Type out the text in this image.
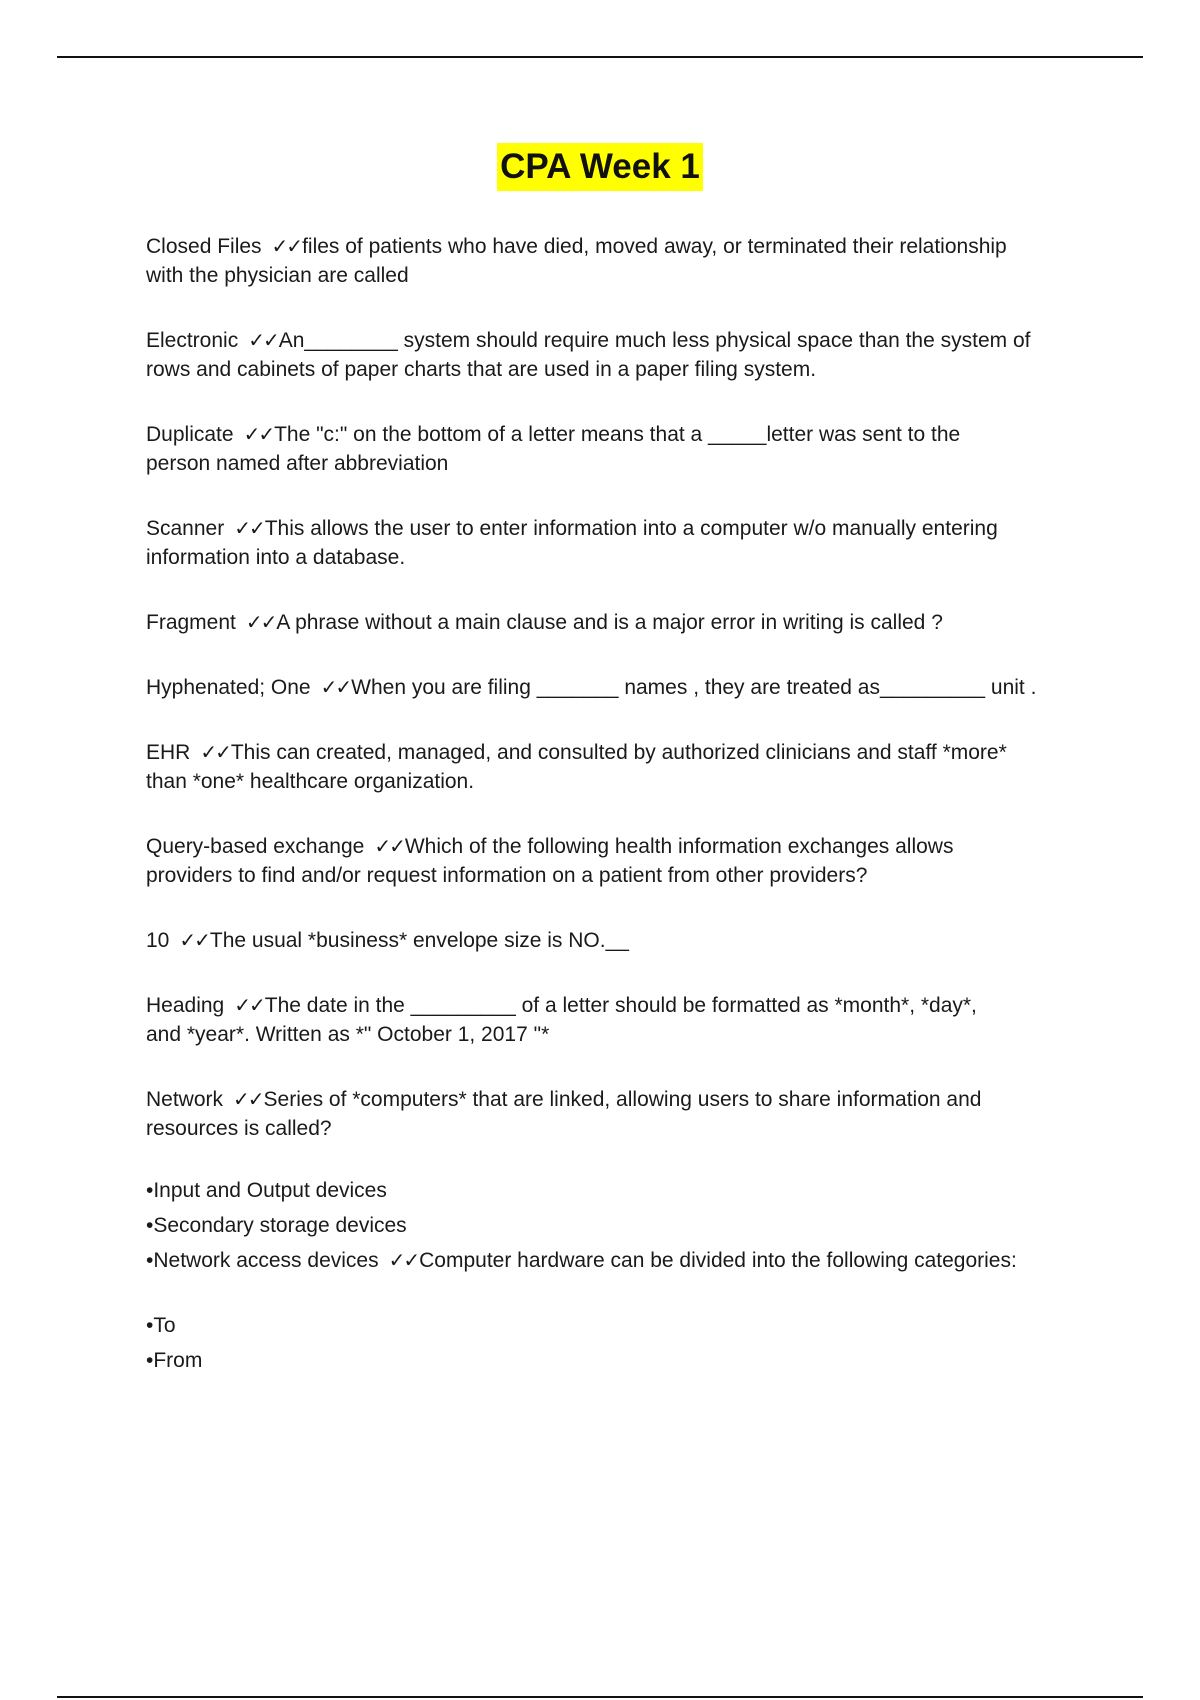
CPA Week 1
Closed Files ✓✓files of patients who have died, moved away, or terminated their relationship
with the physician are called
Electronic ✓✓An________ system should require much less physical space than the system of
rows and cabinets of paper charts that are used in a paper filing system.
Duplicate ✓✓The "c:" on the bottom of a letter means that a _____letter was sent to the
person named after abbreviation
Scanner ✓✓This allows the user to enter information into a computer w/o manually entering
information into a database.
Fragment ✓✓A phrase without a main clause and is a major error in writing is called ?
Hyphenated; One ✓✓When you are filing _______ names , they are treated as_________ unit .
EHR ✓✓This can created, managed, and consulted by authorized clinicians and staff *more*
than *one* healthcare organization.
Query-based exchange ✓✓Which of the following health information exchanges allows
providers to find and/or request information on a patient from other providers?
10 ✓✓The usual *business* envelope size is NO.__
Heading ✓✓The date in the _________ of a letter should be formatted as *month*, *day*,
and *year*. Written as *" October 1, 2017 "*
Network ✓✓Series of *computers* that are linked, allowing users to share information and
resources is called?
•Input and Output devices
•Secondary storage devices
•Network access devices ✓✓Computer hardware can be divided into the following categories:
•To
•From
